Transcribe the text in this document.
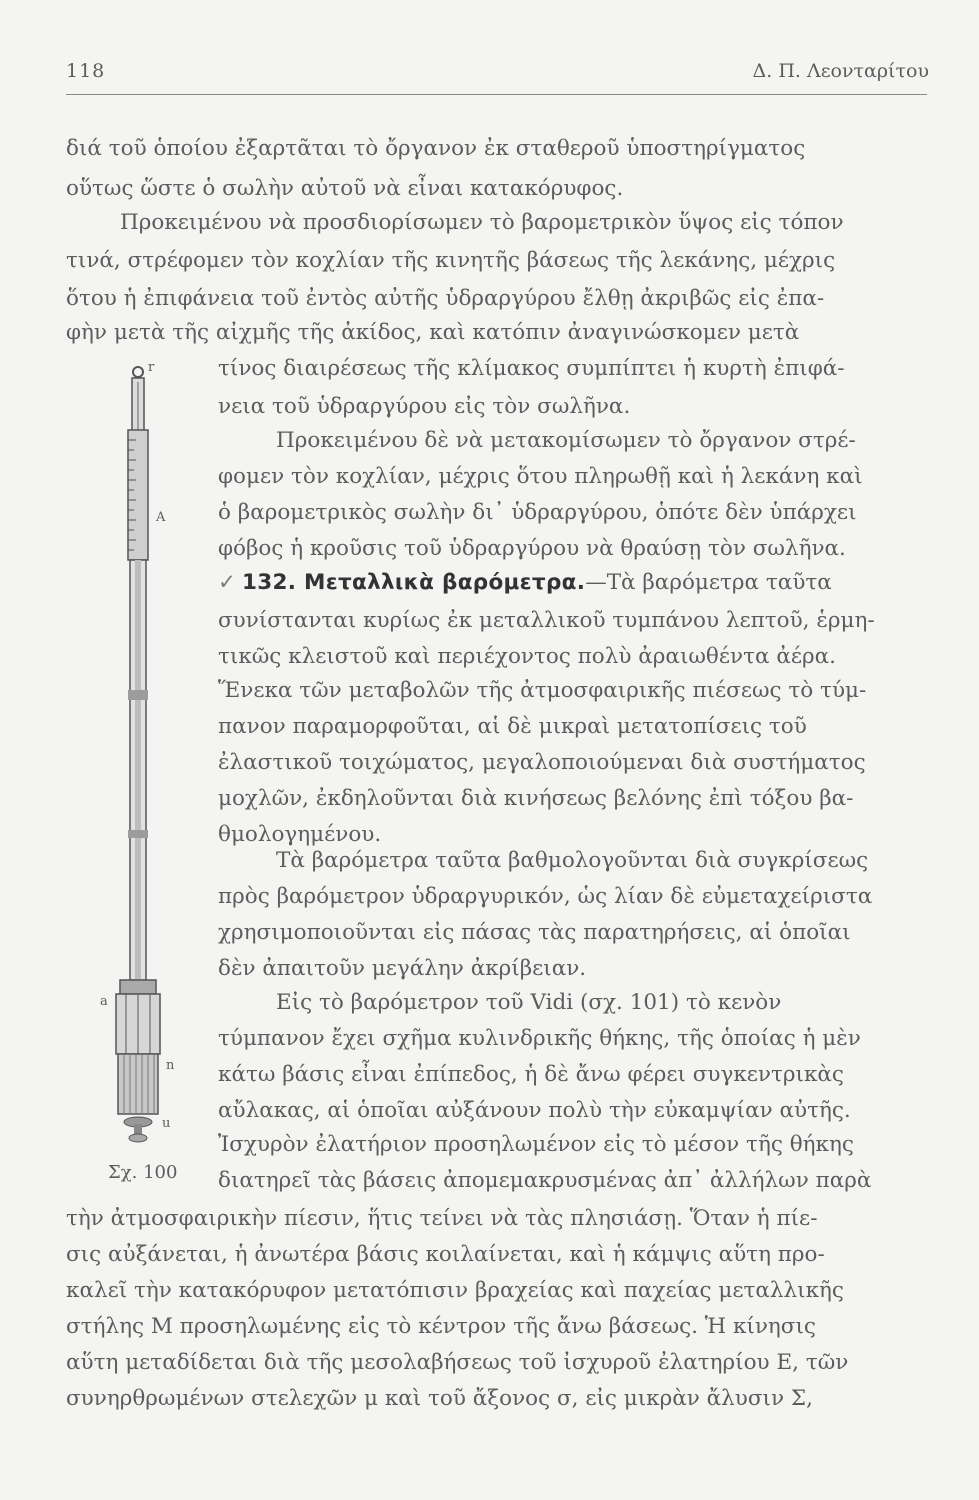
118	Δ. Π. Λεονταρίτου
διά τοῦ ὁποίου ἐξαρτᾶται τὸ ὄργανον ἐκ σταθεροῦ ὑποστηρίγματος
οὕτως ὥστε ὁ σωλὴν αὐτοῦ νὰ εἶναι κατακόρυφος.
Προκειμένου νὰ προσδιορίσωμεν τὸ βαρομετρικὸν ὕψος εἰς τόπον
τινά, στρέφομεν τὸν κοχλίαν τῆς κινητῆς βάσεως τῆς λεκάνης, μέχρις
ὅτου ἡ ἐπιφάνεια τοῦ ἐντὸς αὐτῆς ὑδραργύρου ἔλθῃ ἀκριβῶς εἰς ἐπα-
φὴν μετὰ τῆς αἰχμῆς τῆς ἀκίδος, καὶ κατόπιν ἀναγινώσκομεν μετὰ
τίνος διαιρέσεως τῆς κλίμακος συμπίπτει ἡ κυρτὴ ἐπιφά-
νεια τοῦ ὑδραργύρου εἰς τὸν σωλῆνα.
Προκειμένου δὲ νὰ μετακομίσωμεν τὸ ὄργανον στρέ-
φομεν τὸν κοχλίαν, μέχρις ὅτου πληρωθῇ καὶ ἡ λεκάνη καὶ
ὁ βαρομετρικὸς σωλὴν δι᾽ ὑδραργύρου, ὁπότε δὲν ὑπάρχει
φόβος ἡ κροῦσις τοῦ ὑδραργύρου νὰ θραύσῃ τὸν σωλῆνα.
✓ 132. Μεταλλικὰ βαρόμετρα.—Τὰ βαρόμετρα ταῦτα
συνίστανται κυρίως ἐκ μεταλλικοῦ τυμπάνου λεπτοῦ, ἑρμη-
τικῶς κλειστοῦ καὶ περιέχοντος πολὺ ἀραιωθέντα ἀέρα.
Ἕνεκα τῶν μεταβολῶν τῆς ἀτμοσφαιρικῆς πιέσεως τὸ τύμ-
πανον παραμορφοῦται, αἱ δὲ μικραὶ μετατοπίσεις τοῦ
ἐλαστικοῦ τοιχώματος, μεγαλοποιούμεναι διὰ συστήματος
μοχλῶν, ἐκδηλοῦνται διὰ κινήσεως βελόνης ἐπὶ τόξου βα-
θμολογημένου.
Τὰ βαρόμετρα ταῦτα βαθμολογοῦνται διὰ συγκρίσεως
πρὸς βαρόμετρον ὑδραργυρικόν, ὡς λίαν δὲ εὐμεταχείριστα
χρησιμοποιοῦνται εἰς πάσας τὰς παρατηρήσεις, αἱ ὁποῖαι
δὲν ἀπαιτοῦν μεγάλην ἀκρίβειαν.
Εἰς τὸ βαρόμετρον τοῦ Vidi (σχ. 101) τὸ κενὸν
τύμπανον ἔχει σχῆμα κυλινδρικῆς θήκης, τῆς ὁποίας ἡ μὲν
κάτω βάσις εἶναι ἐπίπεδος, ἡ δὲ ἄνω φέρει συγκεντρικὰς
αὔλακας, αἱ ὁποῖαι αὐξάνουν πολὺ τὴν εὐκαμψίαν αὐτῆς.
Ἰσχυρὸν ἐλατήριον προσηλωμένον εἰς τὸ μέσον τῆς θήκης
διατηρεῖ τὰς βάσεις ἀπομεμακρυσμένας ἀπ᾽ ἀλλήλων παρὰ
τὴν ἀτμοσφαιρικὴν πίεσιν, ἥτις τείνει νὰ τὰς πλησιάσῃ. Ὅταν ἡ πίε-
σις αὐξάνεται, ἡ ἀνωτέρα βάσις κοιλαίνεται, καὶ ἡ κάμψις αὕτη προ-
καλεῖ τὴν κατακόρυφον μετατόπισιν βραχείας καὶ παχείας μεταλλικῆς
στήλης Μ προσηλωμένης εἰς τὸ κέντρον τῆς ἄνω βάσεως. Ἡ κίνησις
αὕτη μεταδίδεται διὰ τῆς μεσολαβήσεως τοῦ ἰσχυροῦ ἐλατηρίου Ε, τῶν
συνηρθρωμένων στελεχῶν μ καὶ τοῦ ἄξονος σ, εἰς μικρὰν ἄλυσιν Σ,
r
A
a
n
u
Σχ. 100
